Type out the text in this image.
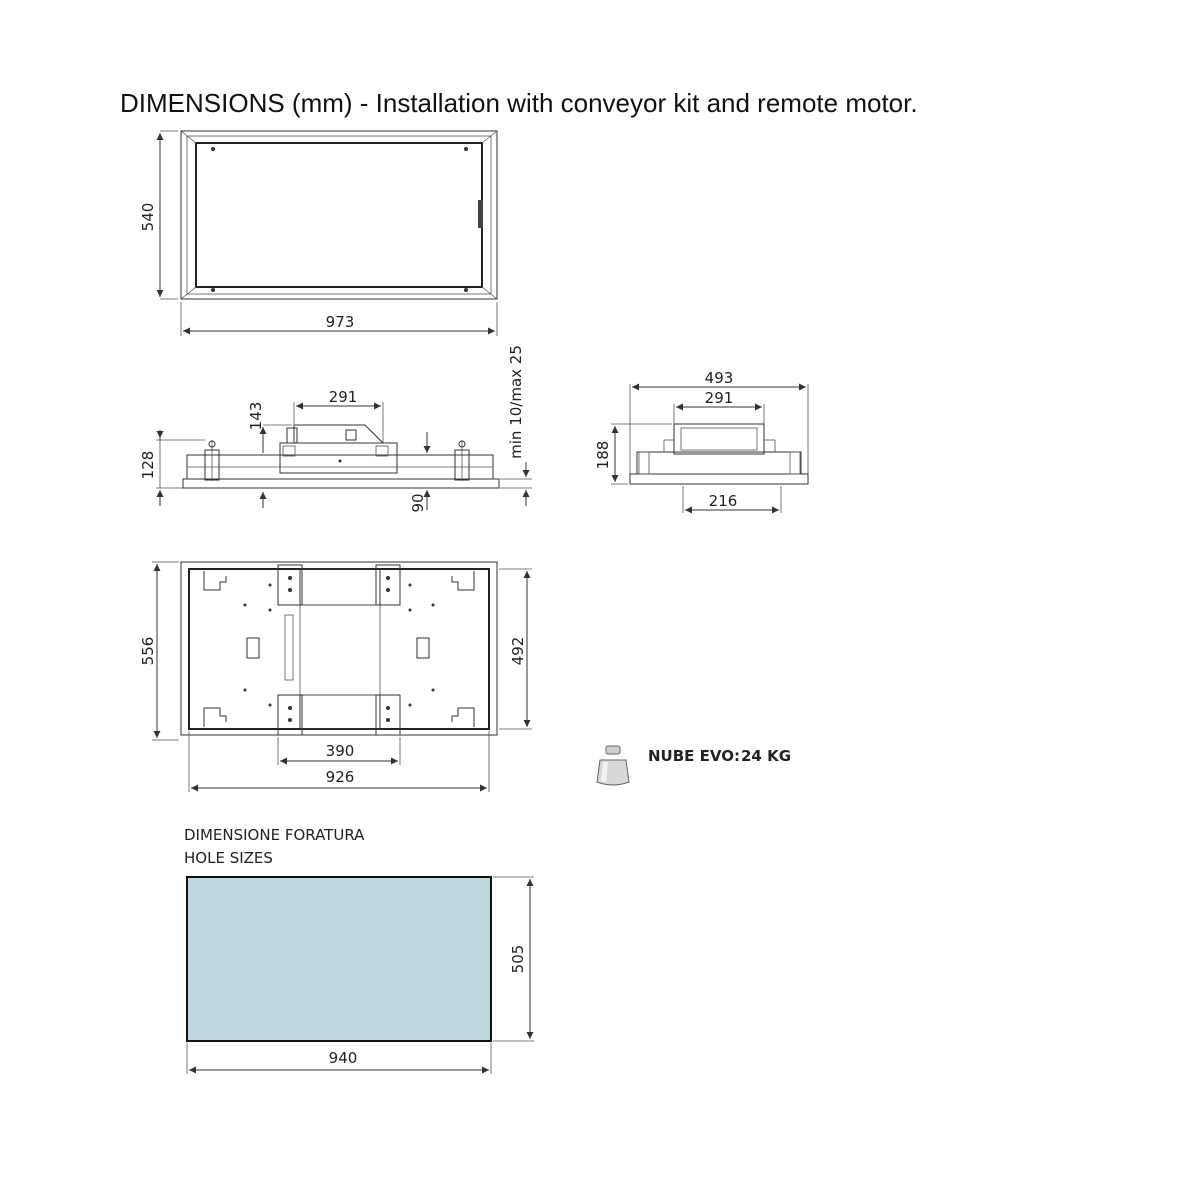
DIMENSIONS (mm) - Installation with conveyor kit and remote motor.
540
973
291
143
128
90
min 10/max 25	493
291
188
216
556	492
390
926
NUBE EVO: 24 KG
DIMENSIONE FORATURA
HOLE SIZES
505
940
